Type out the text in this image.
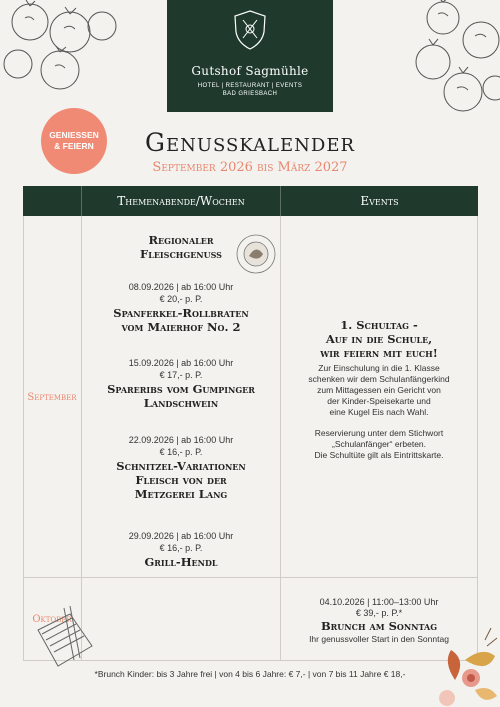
Gutshof Sagmühle
HOTEL | RESTAURANT | EVENTS
BAD GRIESBACH
GENIESSEN
& FEIERN	Genusskalender
September 2026 bis März 2027
Themenabende/Wochen	Events
September
Regionaler
Fleischgenuss
08.09.2026 | ab 16:00 Uhr
€ 20,- p. P.
Spanferkel-Rollbraten
vom Maierhof No. 2
15.09.2026 | ab 16:00 Uhr
€ 17,- p. P.
Spareribs vom Gumpinger
Landschwein
22.09.2026 | ab 16:00 Uhr
€ 16,- p. P.
Schnitzel-Variationen
Fleisch von der
Metzgerei Lang
29.09.2026 | ab 16:00 Uhr
€ 16,- p. P.
Grill-Hendl
1. Schultag -
Auf in die Schule,
wir feiern mit euch!
Zur Einschulung in die 1. Klasse
schenken wir dem Schulanfängerkind
zum Mittagessen ein Gericht von
der Kinder-Speisekarte und
eine Kugel Eis nach Wahl.
Reservierung unter dem Stichwort
„Schulanfänger“ erbeten.
Die Schultüte gilt als Eintrittskarte.
Oktober
04.10.2026 | 11:00–13:00 Uhr
€ 39,- p. P.*
Brunch am Sonntag
Ihr genussvoller Start in den Sonntag
*Brunch Kinder: bis 3 Jahre frei | von 4 bis 6 Jahre: € 7,- | von 7 bis 11 Jahre € 18,-
